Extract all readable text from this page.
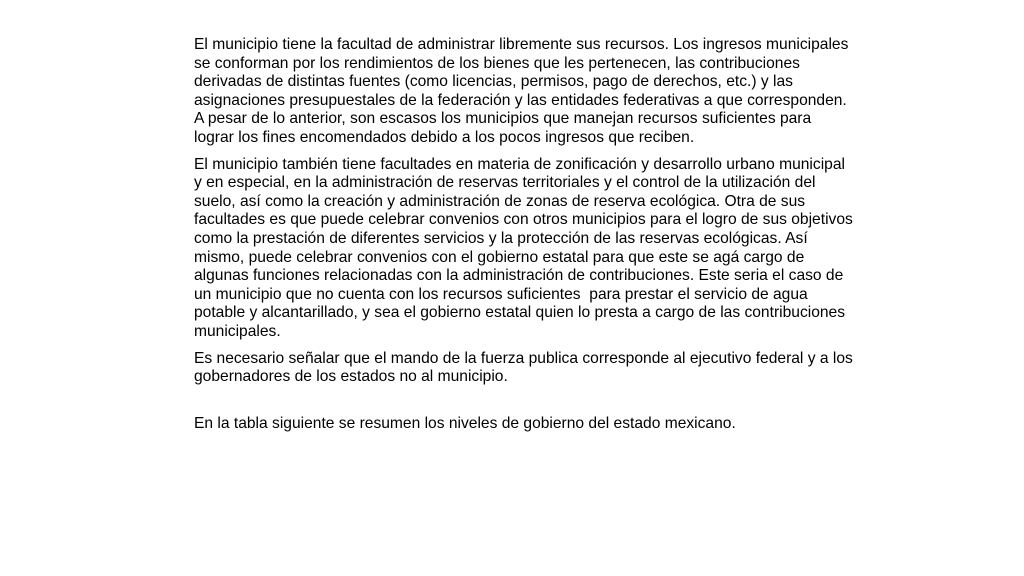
El municipio tiene la facultad de administrar libremente sus recursos. Los ingresos municipales se conforman por los rendimientos de los bienes que les pertenecen, las contribuciones derivadas de distintas fuentes (como licencias, permisos, pago de derechos, etc.) y las asignaciones presupuestales de la federación y las entidades federativas a que corresponden. A pesar de lo anterior, son escasos los municipios que manejan recursos suficientes para lograr los fines encomendados debido a los pocos ingresos que reciben.

El municipio también tiene facultades en materia de zonificación y desarrollo urbano municipal y en especial, en la administración de reservas territoriales y el control de la utilización del suelo, así como la creación y administración de zonas de reserva ecológica. Otra de sus facultades es que puede celebrar convenios con otros municipios para el logro de sus objetivos como la prestación de diferentes servicios y la protección de las reservas ecológicas. Así mismo, puede celebrar convenios con el gobierno estatal para que este se agá cargo de algunas funciones relacionadas con la administración de contribuciones. Este seria el caso de un municipio que no cuenta con los recursos suficientes  para prestar el servicio de agua potable y alcantarillado, y sea el gobierno estatal quien lo presta a cargo de las contribuciones municipales.

Es necesario señalar que el mando de la fuerza publica corresponde al ejecutivo federal y a los gobernadores de los estados no al municipio.

En la tabla siguiente se resumen los niveles de gobierno del estado mexicano.
